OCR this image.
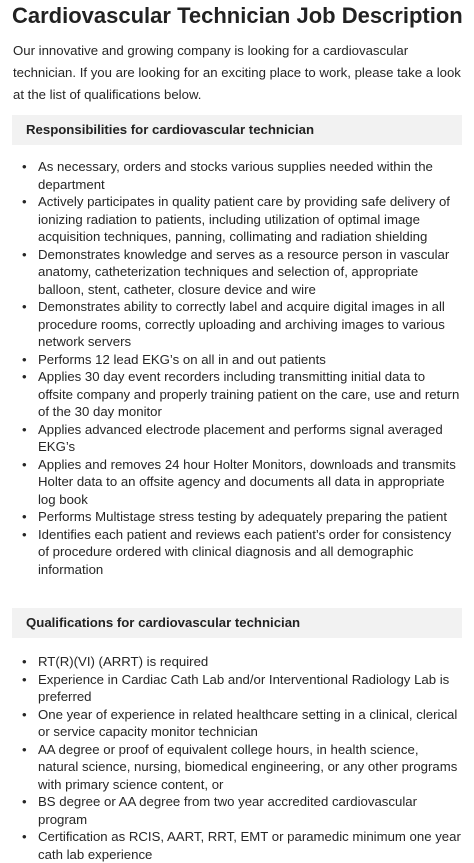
Cardiovascular Technician Job Description

Our innovative and growing company is looking for a cardiovascular technician. If you are looking for an exciting place to work, please take a look at the list of qualifications below.

Responsibilities for cardiovascular technician
• As necessary, orders and stocks various supplies needed within the department
• Actively participates in quality patient care by providing safe delivery of ionizing radiation to patients, including utilization of optimal image acquisition techniques, panning, collimating and radiation shielding
• Demonstrates knowledge and serves as a resource person in vascular anatomy, catheterization techniques and selection of, appropriate balloon, stent, catheter, closure device and wire
• Demonstrates ability to correctly label and acquire digital images in all procedure rooms, correctly uploading and archiving images to various network servers
• Performs 12 lead EKG’s on all in and out patients
• Applies 30 day event recorders including transmitting initial data to offsite company and properly training patient on the care, use and return of the 30 day monitor
• Applies advanced electrode placement and performs signal averaged EKG’s
• Applies and removes 24 hour Holter Monitors, downloads and transmits Holter data to an offsite agency and documents all data in appropriate log book
• Performs Multistage stress testing by adequately preparing the patient
• Identifies each patient and reviews each patient’s order for consistency of procedure ordered with clinical diagnosis and all demographic information
Qualifications for cardiovascular technician
• RT(R)(VI) (ARRT) is required
• Experience in Cardiac Cath Lab and/or Interventional Radiology Lab is preferred
• One year of experience in related healthcare setting in a clinical, clerical or service capacity monitor technician
• AA degree or proof of equivalent college hours, in health science, natural science, nursing, biomedical engineering, or any other programs with primary science content, or
• BS degree or AA degree from two year accredited cardiovascular program
• Certification as RCIS, AART, RRT, EMT or paramedic minimum one year cath lab experience
